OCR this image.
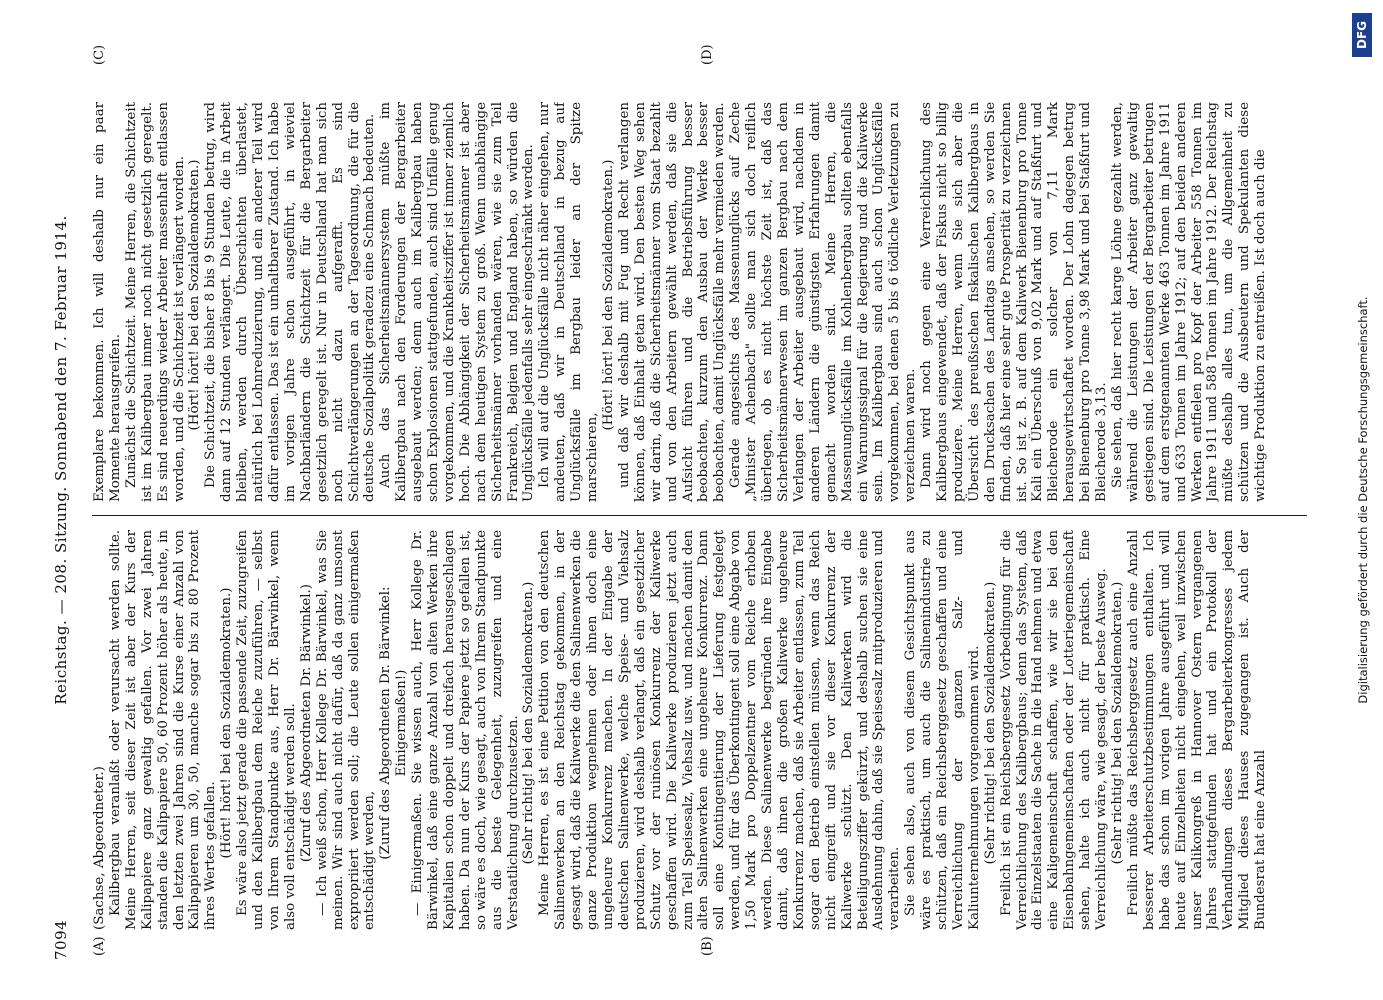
7094
Reichstag. — 208. Sitzung. Sonnabend den 7. Februar 1914.
(A)	(B)
(C)	(D)

(Sachse, Abgeordneter.) Kalibergbau veranlaßt oder verursacht werden sollte. Meine Herren, seit dieser Zeit ist aber der Kurs der Kalipapiere ganz gewaltig gefallen. Vor zwei Jahren standen die Kalipapiere 50, 60 Prozent höher als heute, in den letzten zwei Jahren sind die Kurse einer Anzahl von Kalipapieren um 30, 50, manche sogar bis zu 80 Prozent ihres Wertes gefallen. (Hört! hört! bei den Sozialdemokraten.) Es wäre also jetzt gerade die passende Zeit, zuzugreifen und den Kalibergbau dem Reiche zuzuführen, — selbst von Ihrem Standpunkte aus, Herr Dr. Bärwinkel, wenn also voll entschädigt werden soll. (Zuruf des Abgeordneten Dr. Bärwinkel.) — Ich weiß schon, Herr Kollege Dr. Bärwinkel, was Sie meinen. Wir sind auch nicht dafür, daß da ganz umsonst expropriiert werden soll; die Leute sollen einigermaßen entschädigt werden,

(Zuruf des Abgeordneten Dr. Bärwinkel: Einigermaßen!) — Einigermaßen. Sie wissen auch, Herr Kollege Dr. Bärwinkel, daß eine ganze Anzahl von alten Werken ihre Kapitalien schon doppelt und dreifach herausgeschlagen haben. Da nun der Kurs der Papiere jetzt so gefallen ist, so wäre es doch, wie gesagt, auch von Ihrem Standpunkte aus die beste Gelegenheit, zuzugreifen und eine Verstaatlichung durchzusetzen. (Sehr richtig! bei den Sozialdemokraten.) Meine Herren, es ist eine Petition von den deutschen Salinenwerken an den Reichstag gekommen, in der gesagt wird, daß die Kaliwerke die den Salinenwerken die ganze Produktion wegnehmen oder ihnen doch eine ungeheure Konkurrenz machen. In der Eingabe der deutschen Salinenwerke, welche Speise- und Viehsalz produzieren, wird deshalb verlangt, daß ein gesetzlicher Schutz vor der ruinösen Konkurrenz der Kaliwerke geschaffen wird. Die Kaliwerke produzieren jetzt auch zum Teil Speisesalz, Viehsalz usw. und machen damit den alten Salinenwerken eine ungeheure Konkurrenz. Dann soll eine Kontingentierung der Lieferung festgelegt werden, und für das Überkontingent soll eine Abgabe von 1,50 Mark pro Doppelzentner vom Reiche erhoben werden. Diese Salinenwerke begründen ihre Eingabe damit, daß ihnen die großen Kaliwerke ungeheure Konkurrenz machen, daß sie Arbeiter entlassen, zum Teil sogar den Betrieb einstellen müssen, wenn das Reich nicht eingreift und sie vor dieser Konkurrenz der Kaliwerke schützt. Den Kaliwerken wird die Beteiligungsziffer gekürzt, und deshalb suchen sie eine Ausdehnung dahin, daß sie Speisesalz mitproduzieren und verarbeiten. Sie sehen also, auch von diesem Gesichtspunkt aus wäre es praktisch, um auch die Salinenindustrie zu schützen, daß ein Reichsberggesetz geschaffen und eine Verreichlichung der ganzen Salz- und Kaliunternehmungen vorgenommen wird. (Sehr richtig! bei den Sozialdemokraten.) Freilich ist ein Reichsberggesetz Vorbedingung für die Verreichlichung des Kalibergbaus; denn das System, daß die Einzelstaaten die Sache in die Hand nehmen und etwa eine Kaligemeinschaft schaffen, wie wir sie bei den Eisenbahngemeinschaften oder der Lotteriegemeinschaft sehen, halte ich auch nicht für praktisch. Eine Verreichlichung wäre, wie gesagt, der beste Ausweg. (Sehr richtig! bei den Sozialdemokraten.) Freilich müßte das Reichsberggesetz auch eine Anzahl besserer Arbeiterschutzbestimmungen enthalten. Ich habe das schon im vorigen Jahre ausgeführt und will heute auf Einzelheiten nicht eingehen, weil inzwischen unser Kalikongreß in Hannover Ostern vergangenen Jahres stattgefunden hat und ein Protokoll der Verhandlungen dieses Bergarbeiterkongresses jedem Mitglied dieses Hauses zugegangen ist. Auch der Bundesrat hat eine Anzahl

Exemplare bekommen. Ich will deshalb nur ein paar Momente herausgreifen. Zunächst die Schichtzeit. Meine Herren, die Schichtzeit ist im Kalibergbau immer noch nicht gesetzlich geregelt. Es sind neuerdings wieder Arbeiter massenhaft entlassen worden, und die Schichtzeit ist verlängert worden. (Hört! hört! bei den Sozialdemokraten.) Die Schichtzeit, die bisher 8 bis 9 Stunden betrug, wird dann auf 12 Stunden verlängert. Die Leute, die in Arbeit bleiben, werden durch Überschichten überlastet, natürlich bei Lohnreduzierung, und ein anderer Teil wird dafür entlassen. Das ist ein unhaltbarer Zustand. Ich habe im vorigen Jahre schon ausgeführt, in wieviel Nachbarländern die Schichtzeit für die Bergarbeiter gesetzlich geregelt ist. Nur in Deutschland hat man sich noch nicht dazu aufgerafft. Es sind Schichtverlängerungen an der Tagesordnung, die für die deutsche Sozialpolitik geradezu eine Schmach bedeuten. Auch das Sicherheitsmännersystem müßte im Kalibergbau nach den Forderungen der Bergarbeiter ausgebaut werden; denn auch im Kalibergbau haben schon Explosionen stattgefunden, auch sind Unfälle genug vorgekommen, und die Krankheitsziffer ist immer ziemlich hoch. Die Abhängigkeit der Sicherheitsmänner ist aber nach dem heutigen System zu groß. Wenn unabhängige Sicherheitsmänner vorhanden wären, wie sie zum Teil Frankreich, Belgien und England haben, so würden die Unglücksfälle jedenfalls sehr eingeschränkt werden. Ich will auf die Unglücksfälle nicht näher eingehen, nur andeuten, daß wir in Deutschland in bezug auf Unglücksfälle im Bergbau leider an der Spitze marschieren,

(Hört! hört! bei den Sozialdemokraten.) und daß wir deshalb mit Fug und Recht verlangen können, daß Einhalt getan wird. Den besten Weg sehen wir darin, daß die Sicherheitsmänner vom Staat bezahlt und von den Arbeitern gewählt werden, daß sie die Aufsicht führen und die Betriebsführung besser beobachten, kurzum den Ausbau der Werke besser beobachten, damit Unglücksfälle mehr vermieden werden. Gerade angesichts des Massenunglücks auf Zeche „Minister Achenbach" sollte man sich doch reiflich überlegen, ob es nicht höchste Zeit ist, daß das Sicherheitsmännerwesen im ganzen Bergbau nach dem Verlangen der Arbeiter ausgebaut wird, nachdem in anderen Ländern die günstigsten Erfahrungen damit gemacht worden sind. Meine Herren, die Massenunglücksfälle im Kohlenbergbau sollten ebenfalls ein Warnungssignal für die Regierung und die Kaliwerke sein. Im Kalibergbau sind auch schon Unglücksfälle vorgekommen, bei denen 5 bis 6 tödliche Verletzungen zu verzeichnen waren. Dann wird noch gegen eine Verreichlichung des Kalibergbaus eingewendet, daß der Fiskus nicht so billig produziere. Meine Herren, wenn Sie sich aber die Übersicht des preußischen fiskalischen Kalibergbaus in den Drucksachen des Landtags ansehen, so werden Sie finden, daß hier eine sehr gute Prosperität zu verzeichnen ist. So ist z. B. auf dem Kaliwerk Bienenburg pro Tonne Kali ein Überschuß von 9,02 Mark und auf Staßfurt und Bleicherode ein solcher von 7,11 Mark herausgewirtschaftet worden. Der Lohn dagegen betrug bei Bienenburg pro Tonne 3,98 Mark und bei Staßfurt und Bleicherode 3,13. Sie sehen, daß hier recht karge Löhne gezahlt werden, während die Leistungen der Arbeiter ganz gewaltig gestiegen sind. Die Leistungen der Bergarbeiter betrugen auf dem erstgenannten Werke 463 Tonnen im Jahre 1911 und 633 Tonnen im Jahre 1912; auf den beiden anderen Werken entfielen pro Kopf der Arbeiter 558 Tonnen im Jahre 1911 und 588 Tonnen im Jahre 1912. Der Reichstag müßte deshalb alles tun, um die Allgemeinheit zu schützen und die Ausbeutern und Spekulanten diese wichtige Produktion zu entreißen. Ist doch auch die	Digitalisierung gefördert durch die Deutsche Forschungsgemeinschaft.
DFG
